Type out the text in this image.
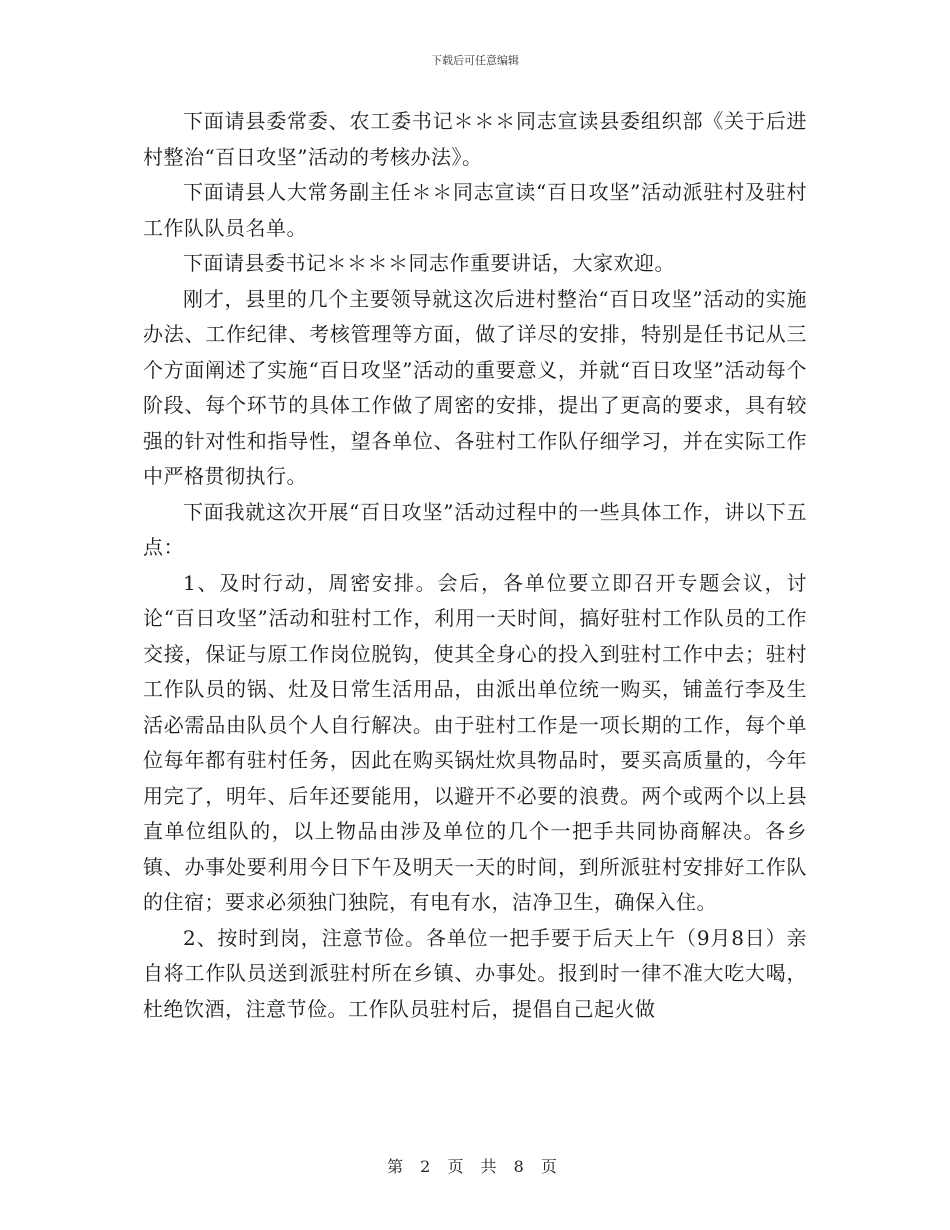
下载后可任意编辑

下面请县委常委、农工委书记＊＊＊同志宣读县委组织部《关于后进村整治“百日攻坚”活动的考核办法》。

下面请县人大常务副主任＊＊同志宣读“百日攻坚”活动派驻村及驻村工作队队员名单。

下面请县委书记＊＊＊＊同志作重要讲话，大家欢迎。

刚才，县里的几个主要领导就这次后进村整治“百日攻坚”活动的实施办法、工作纪律、考核管理等方面，做了详尽的安排，特别是任书记从三个方面阐述了实施“百日攻坚”活动的重要意义，并就“百日攻坚”活动每个阶段、每个环节的具体工作做了周密的安排，提出了更高的要求，具有较强的针对性和指导性，望各单位、各驻村工作队仔细学习，并在实际工作中严格贯彻执行。

下面我就这次开展“百日攻坚”活动过程中的一些具体工作，讲以下五点：

1、及时行动，周密安排。会后，各单位要立即召开专题会议，讨论“百日攻坚”活动和驻村工作，利用一天时间，搞好驻村工作队员的工作交接，保证与原工作岗位脱钩，使其全身心的投入到驻村工作中去；驻村工作队员的锅、灶及日常生活用品，由派出单位统一购买，铺盖行李及生活必需品由队员个人自行解决。由于驻村工作是一项长期的工作，每个单位每年都有驻村任务，因此在购买锅灶炊具物品时，要买高质量的，今年用完了，明年、后年还要能用，以避开不必要的浪费。两个或两个以上县直单位组队的，以上物品由涉及单位的几个一把手共同协商解决。各乡镇、办事处要利用今日下午及明天一天的时间，到所派驻村安排好工作队的住宿；要求必须独门独院，有电有水，洁净卫生，确保入住。

2、按时到岗，注意节俭。各单位一把手要于后天上午（9月8日）亲自将工作队员送到派驻村所在乡镇、办事处。报到时一律不准大吃大喝，杜绝饮酒，注意节俭。工作队员驻村后，提倡自己起火做

第 2 页 共 8 页
